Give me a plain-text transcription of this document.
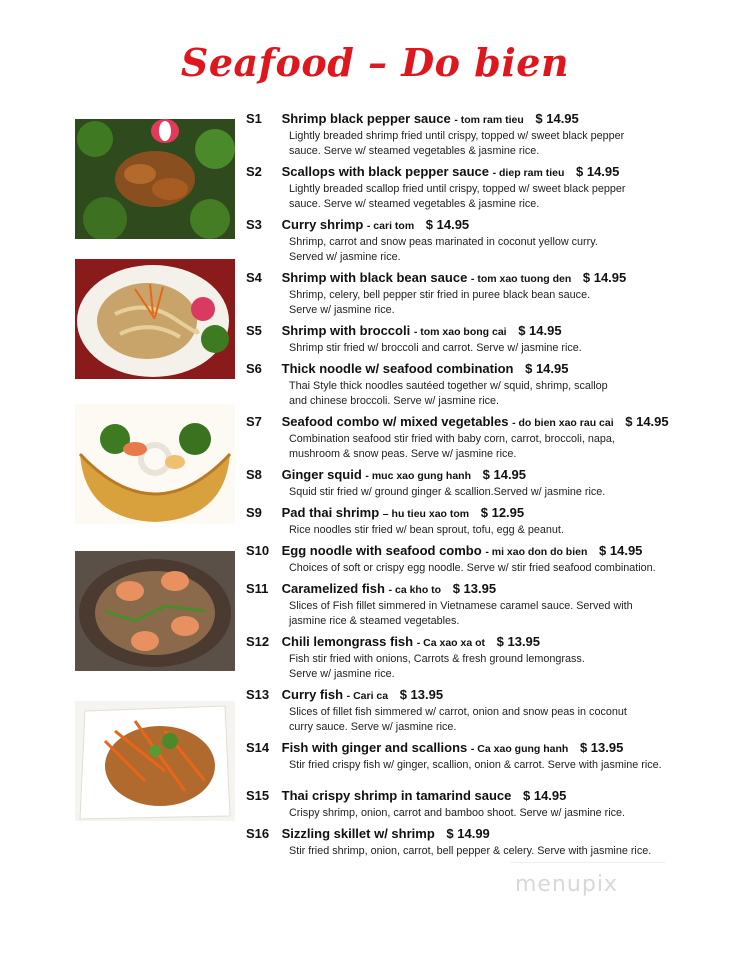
Seafood – Do bien
S1 Shrimp black pepper sauce - tom ram tieu $ 14.95
Lightly breaded shrimp fried until crispy, topped w/ sweet black pepper
sauce. Serve w/ steamed vegetables & jasmine rice.
S2 Scallops with black pepper sauce - diep ram tieu $ 14.95
Lightly breaded scallop fried until crispy, topped w/ sweet black pepper
sauce. Serve w/ steamed vegetables & jasmine rice.
S3 Curry shrimp - cari tom $ 14.95
Shrimp, carrot and snow peas marinated in coconut yellow curry.
Served w/ jasmine rice.
S4 Shrimp with black bean sauce - tom xao tuong den $ 14.95
Shrimp, celery, bell pepper stir fried in puree black bean sauce.
Serve w/ jasmine rice.
S5 Shrimp with broccoli - tom xao bong cai $ 14.95
Shrimp stir fried w/ broccoli and carrot. Serve w/ jasmine rice.
S6 Thick noodle w/ seafood combination $ 14.95
Thai Style thick noodles sautéed together w/ squid, shrimp, scallop
and chinese broccoli. Serve w/ jasmine rice.
S7 Seafood combo w/ mixed vegetables - do bien xao rau cai $ 14.95
Combination seafood stir fried with baby corn, carrot, broccoli, napa,
mushroom & snow peas. Serve w/ jasmine rice.
S8 Ginger squid - muc xao gung hanh $ 14.95
Squid stir fried w/ ground ginger & scallion.Served w/ jasmine rice.
S9 Pad thai shrimp – hu tieu xao tom $ 12.95
Rice noodles stir fried w/ bean sprout, tofu, egg & peanut.
S10 Egg noodle with seafood combo - mi xao don do bien $ 14.95
Choices of soft or crispy egg noodle. Serve w/ stir fried seafood combination.
S11 Caramelized fish - ca kho to $ 13.95
Slices of Fish fillet simmered in Vietnamese caramel sauce. Served with
jasmine rice & steamed vegetables.
S12 Chili lemongrass fish - Ca xao xa ot $ 13.95
Fish stir fried with onions, Carrots & fresh ground lemongrass.
Serve w/ jasmine rice.
S13 Curry fish - Cari ca $ 13.95
Slices of fillet fish simmered w/ carrot, onion and snow peas in coconut
curry sauce. Serve w/ jasmine rice.
S14 Fish with ginger and scallions - Ca xao gung hanh $ 13.95
Stir fried crispy fish w/ ginger, scallion, onion & carrot. Serve with jasmine rice.
S15 Thai crispy shrimp in tamarind sauce $ 14.95
Crispy shrimp, onion, carrot and bamboo shoot. Serve w/ jasmine rice.
S16 Sizzling skillet w/ shrimp $ 14.99
Stir fried shrimp, onion, carrot, bell pepper & celery. Serve with jasmine rice.
menupix
